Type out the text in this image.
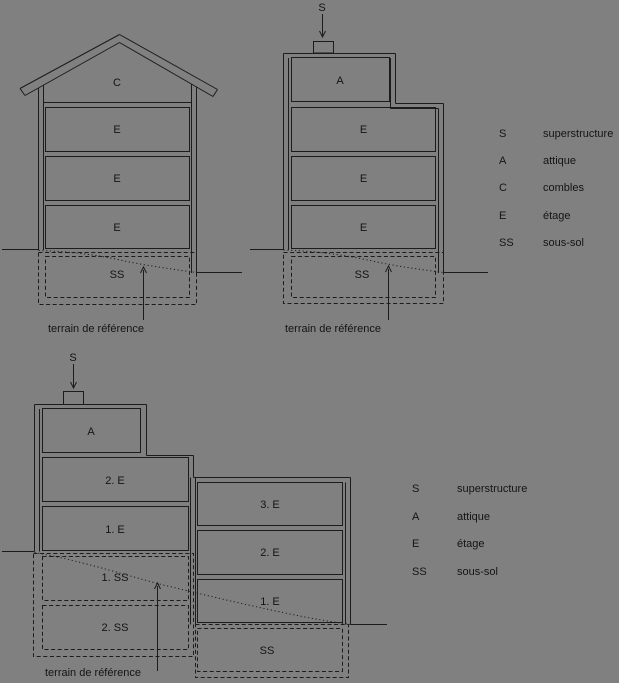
C
E
E
E
SS
terrain de référence
S
A
E
E
E
SS
terrain de référence
S	superstructure
A	attique
C	combles
E	étage
SS	sous-sol
S
A
2. E
1. E
1. SS
2. SS
3. E
2. E
1. E
SS
terrain de référence
S	superstructure
A	attique
E	étage
SS	sous-sol
